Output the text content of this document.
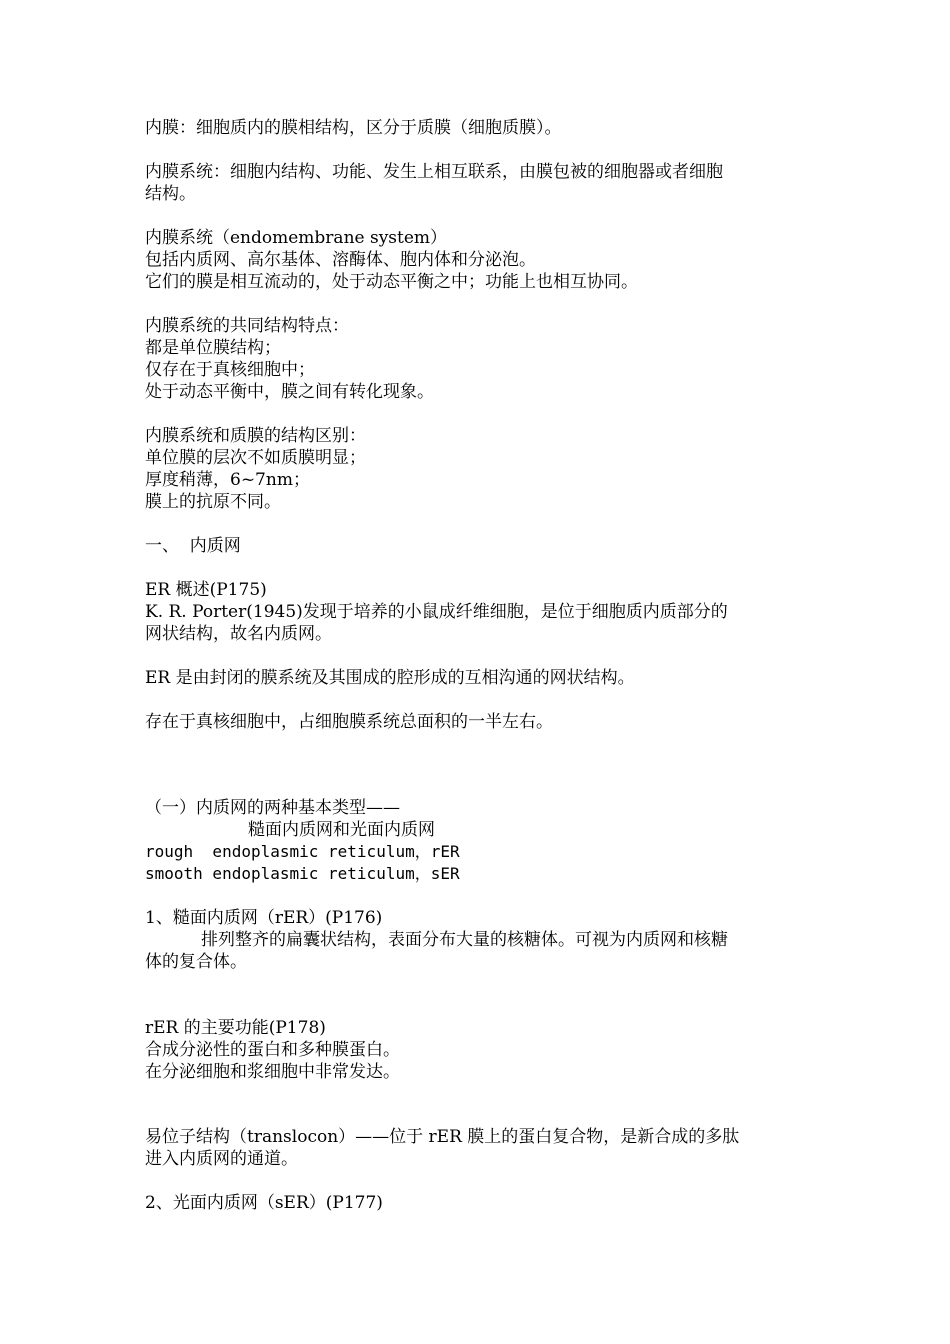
内膜：细胞质内的膜相结构，区分于质膜（细胞质膜）。
内膜系统：细胞内结构、功能、发生上相互联系，由膜包被的细胞器或者细胞
结构。
内膜系统（endomembrane system）
包括内质网、高尔基体、溶酶体、胞内体和分泌泡。
它们的膜是相互流动的，处于动态平衡之中；功能上也相互协同。
内膜系统的共同结构特点：
都是单位膜结构；
仅存在于真核细胞中；
处于动态平衡中，膜之间有转化现象。
内膜系统和质膜的结构区别：
单位膜的层次不如质膜明显；
厚度稍薄，6~7nm；
膜上的抗原不同。
一、  内质网
ER 概述(P175)
K. R. Porter(1945)发现于培养的小鼠成纤维细胞，是位于细胞质内质部分的
网状结构，故名内质网。
ER 是由封闭的膜系统及其围成的腔形成的互相沟通的网状结构。
存在于真核细胞中，占细胞膜系统总面积的一半左右。
（一）内质网的两种基本类型——
糙面内质网和光面内质网
rough  endoplasmic reticulum，rER
smooth endoplasmic reticulum，sER
1、糙面内质网（rER）(P176)
排列整齐的扁囊状结构，表面分布大量的核糖体。可视为内质网和核糖
体的复合体。
rER 的主要功能(P178)
合成分泌性的蛋白和多种膜蛋白。
在分泌细胞和浆细胞中非常发达。
易位子结构（translocon）——位于 rER 膜上的蛋白复合物，是新合成的多肽
进入内质网的通道。
2、光面内质网（sER）(P177)
